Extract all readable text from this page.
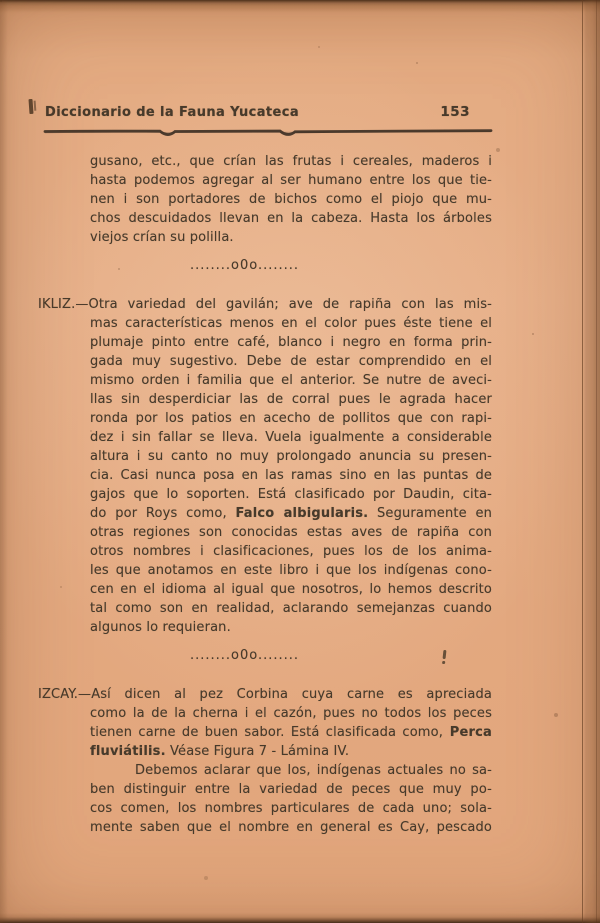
Diccionario de la Fauna Yucateca	153
gusano, etc., que crían las frutas i cereales, maderos i
hasta podemos agregar al ser humano entre los que tie-
nen i son portadores de bichos como el piojo que mu-
chos descuidados llevan en la cabeza. Hasta los árboles
viejos crían su polilla.
........o0o........
IKLIZ.—Otra variedad del gavilán; ave de rapiña con las mis-
mas características menos en el color pues éste tiene el
plumaje pinto entre café, blanco i negro en forma prin-
gada muy sugestivo. Debe de estar comprendido en el
mismo orden i familia que el anterior. Se nutre de aveci-
llas sin desperdiciar las de corral pues le agrada hacer
ronda por los patios en acecho de pollitos que con rapi-
dez i sin fallar se lleva. Vuela igualmente a considerable
altura i su canto no muy prolongado anuncia su presen-
cia. Casi nunca posa en las ramas sino en las puntas de
gajos que lo soporten. Está clasificado por Daudin, cita-
do por Roys como, Falco albigularis. Seguramente en
otras regiones son conocidas estas aves de rapiña con
otros nombres i clasificaciones, pues los de los anima-
les que anotamos en este libro i que los indígenas cono-
cen en el idioma al igual que nosotros, lo hemos descrito
tal como son en realidad, aclarando semejanzas cuando
algunos lo requieran.
........o0o........
IZCAY.—Así dicen al pez Corbina cuya carne es apreciada
como la de la cherna i el cazón, pues no todos los peces
tienen carne de buen sabor. Está clasificada como, Perca
fluviátilis. Véase Figura 7 - Lámina IV.
Debemos aclarar que los, indígenas actuales no sa-
ben distinguir entre la variedad de peces que muy po-
cos comen, los nombres particulares de cada uno; sola-
mente saben que el nombre en general es Cay, pescado
